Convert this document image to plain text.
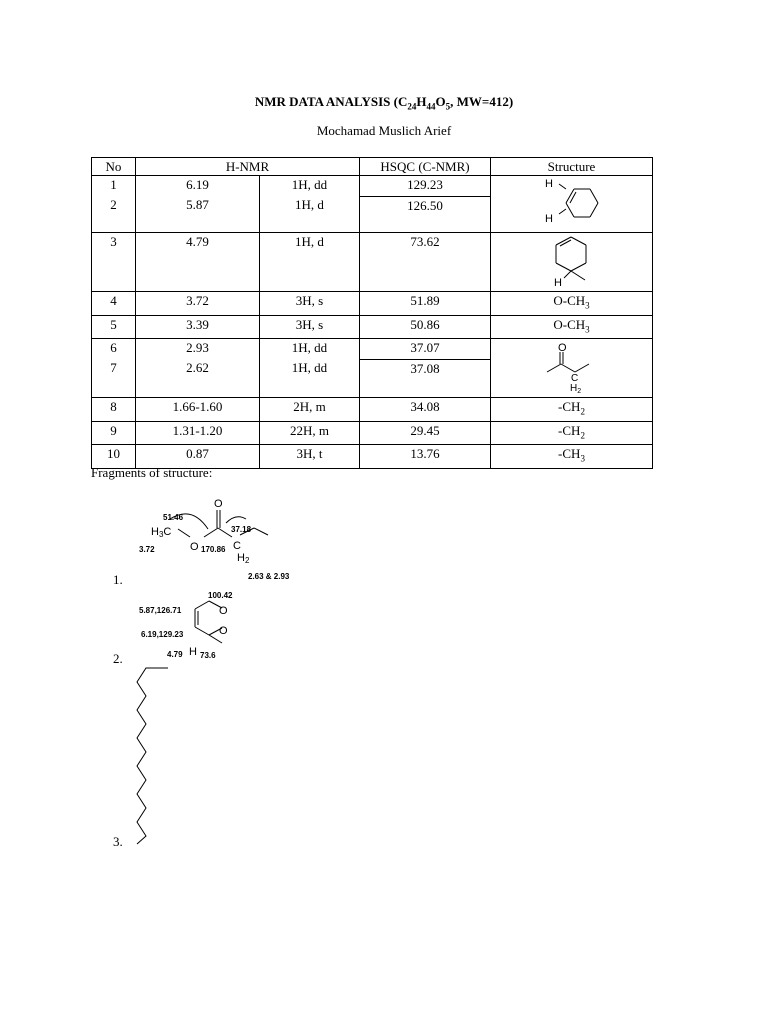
NMR DATA ANALYSIS ($C_{24}H_{44}O_5$, MW=412)
Mochamad Muslich Arief
No	H-NMR		HSQC (C-NMR)	Structure
1	6.19	1H, dd	129.23	H
H

2	5.87	1H, d	126.50	
3	4.79	1H, d	73.62	H

4	3.72	3H, s	51.89	$O-CH_3$
5	3.39	3H, s	50.86	$O-CH_3$
6	2.93	1H, dd	37.07	O
C
$H_2$

7	2.62	1H, dd	37.08	
8	1.66-1.60	2H, m	34.08	$-CH_2$
9	1.31-1.20	22H, m	29.45	$-CH_2$
10	0.87	3H, t	13.76	$-CH_3$
Fragments of structure:
1.
2.
3.
O
H3C
51.46
37.18
3.72	O 170.86 C
H2
2.63 & 2.93
100.42
5.87,126.71
6.19,129.23
O
O
4.79 H 73.6
